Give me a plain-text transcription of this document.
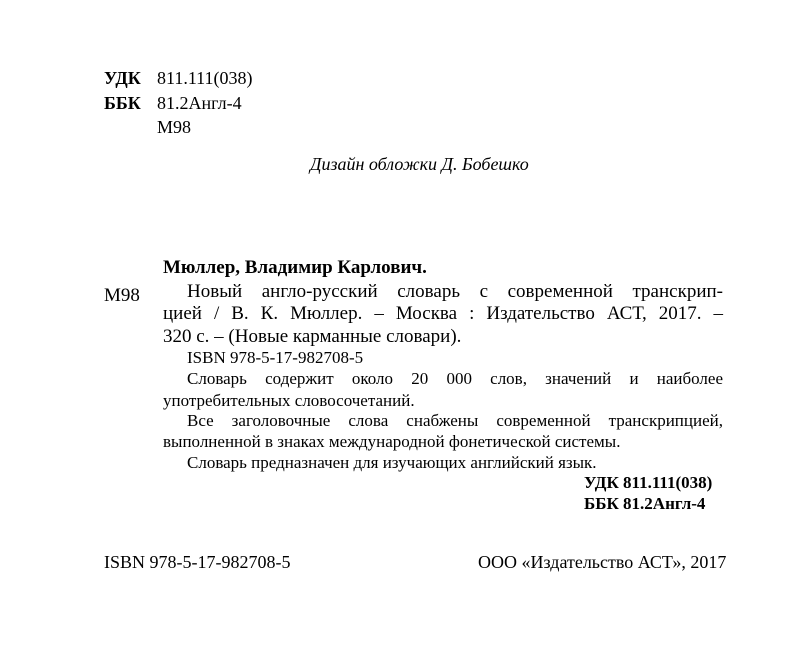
УДК 811.111(038)
ББК 81.2Англ-4
М98
Дизайн обложки Д. Бобешко
Мюллер, Владимир Карлович.
М98 Новый англо-русский словарь с современной транскрип-
цией / В. К. Мюллер. – Москва : Издательство АСТ, 2017. –
320 с. – (Новые карманные словари).
ISBN 978-5-17-982708-5
Словарь содержит около 20 000 слов, значений и наиболее
употребительных словосочетаний.
Все заголовочные слова снабжены современной транскрипцией,
выполненной в знаках международной фонетической системы.
Словарь предназначен для изучающих английский язык.
УДК 811.111(038)
ББК 81.2Англ-4
ISBN 978-5-17-982708-5	ООО «Издательство АСТ», 2017
